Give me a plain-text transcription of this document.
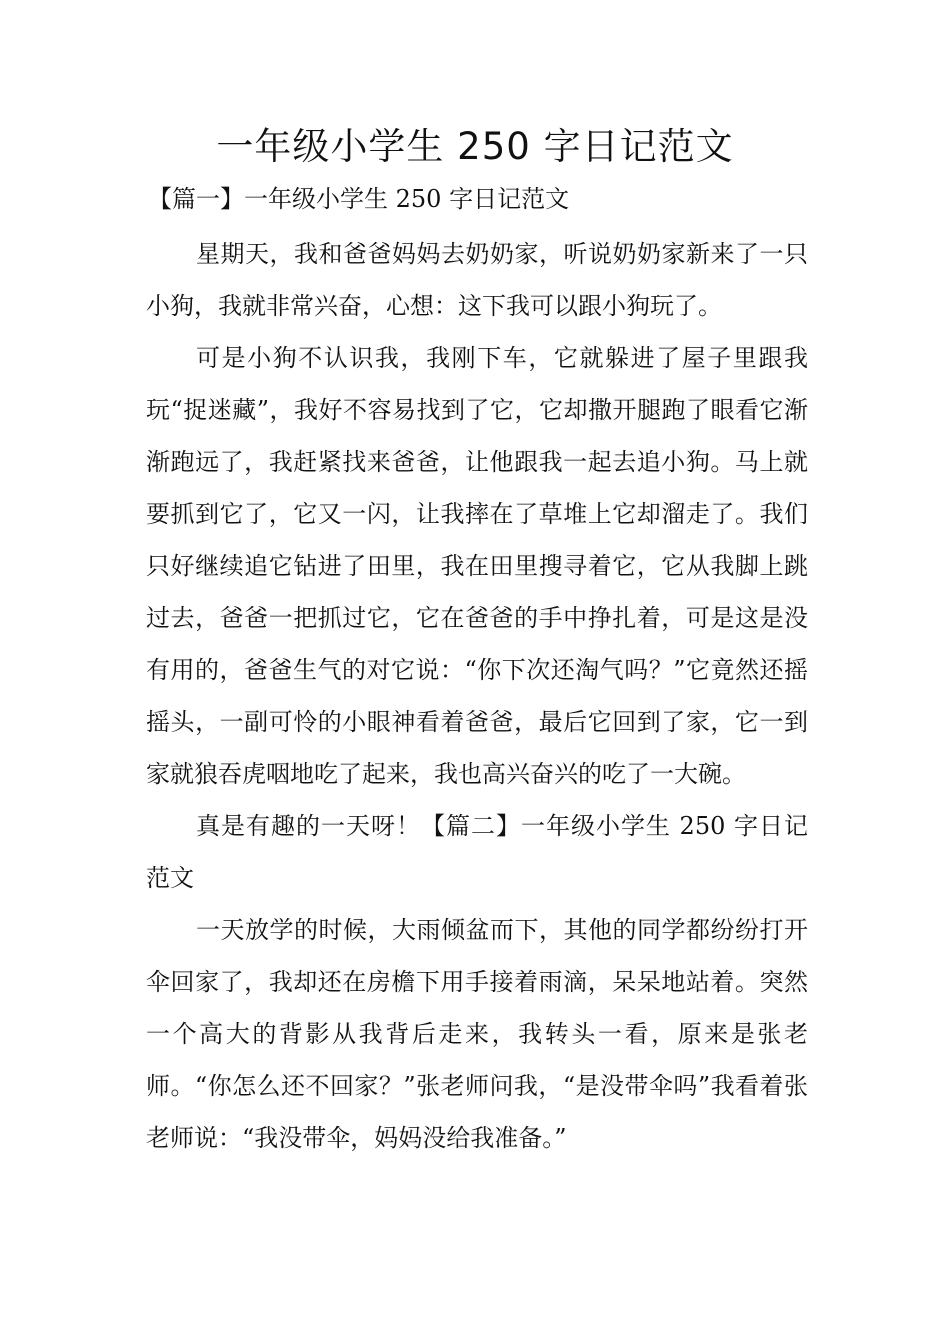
一年级小学生 250 字日记范文

【篇一】一年级小学生 250 字日记范文

星期天，我和爸爸妈妈去奶奶家，听说奶奶家新来了一只小狗，我就非常兴奋，心想：这下我可以跟小狗玩了。

可是小狗不认识我，我刚下车，它就躲进了屋子里跟我玩“捉迷藏”，我好不容易找到了它，它却撒开腿跑了眼看它渐渐跑远了，我赶紧找来爸爸，让他跟我一起去追小狗。马上就要抓到它了，它又一闪，让我摔在了草堆上它却溜走了。我们只好继续追它钻进了田里，我在田里搜寻着它，它从我脚上跳过去，爸爸一把抓过它，它在爸爸的手中挣扎着，可是这是没有用的，爸爸生气的对它说：“你下次还淘气吗？”它竟然还摇摇头，一副可怜的小眼神看着爸爸，最后它回到了家，它一到家就狼吞虎咽地吃了起来，我也高兴奋兴的吃了一大碗。

真是有趣的一天呀！【篇二】一年级小学生 250 字日记范文

一天放学的时候，大雨倾盆而下，其他的同学都纷纷打开伞回家了，我却还在房檐下用手接着雨滴，呆呆地站着。突然一个高大的背影从我背后走来，我转头一看，原来是张老师。“你怎么还不回家？”张老师问我，“是没带伞吗”我看着张老师说：“我没带伞，妈妈没给我准备。”
